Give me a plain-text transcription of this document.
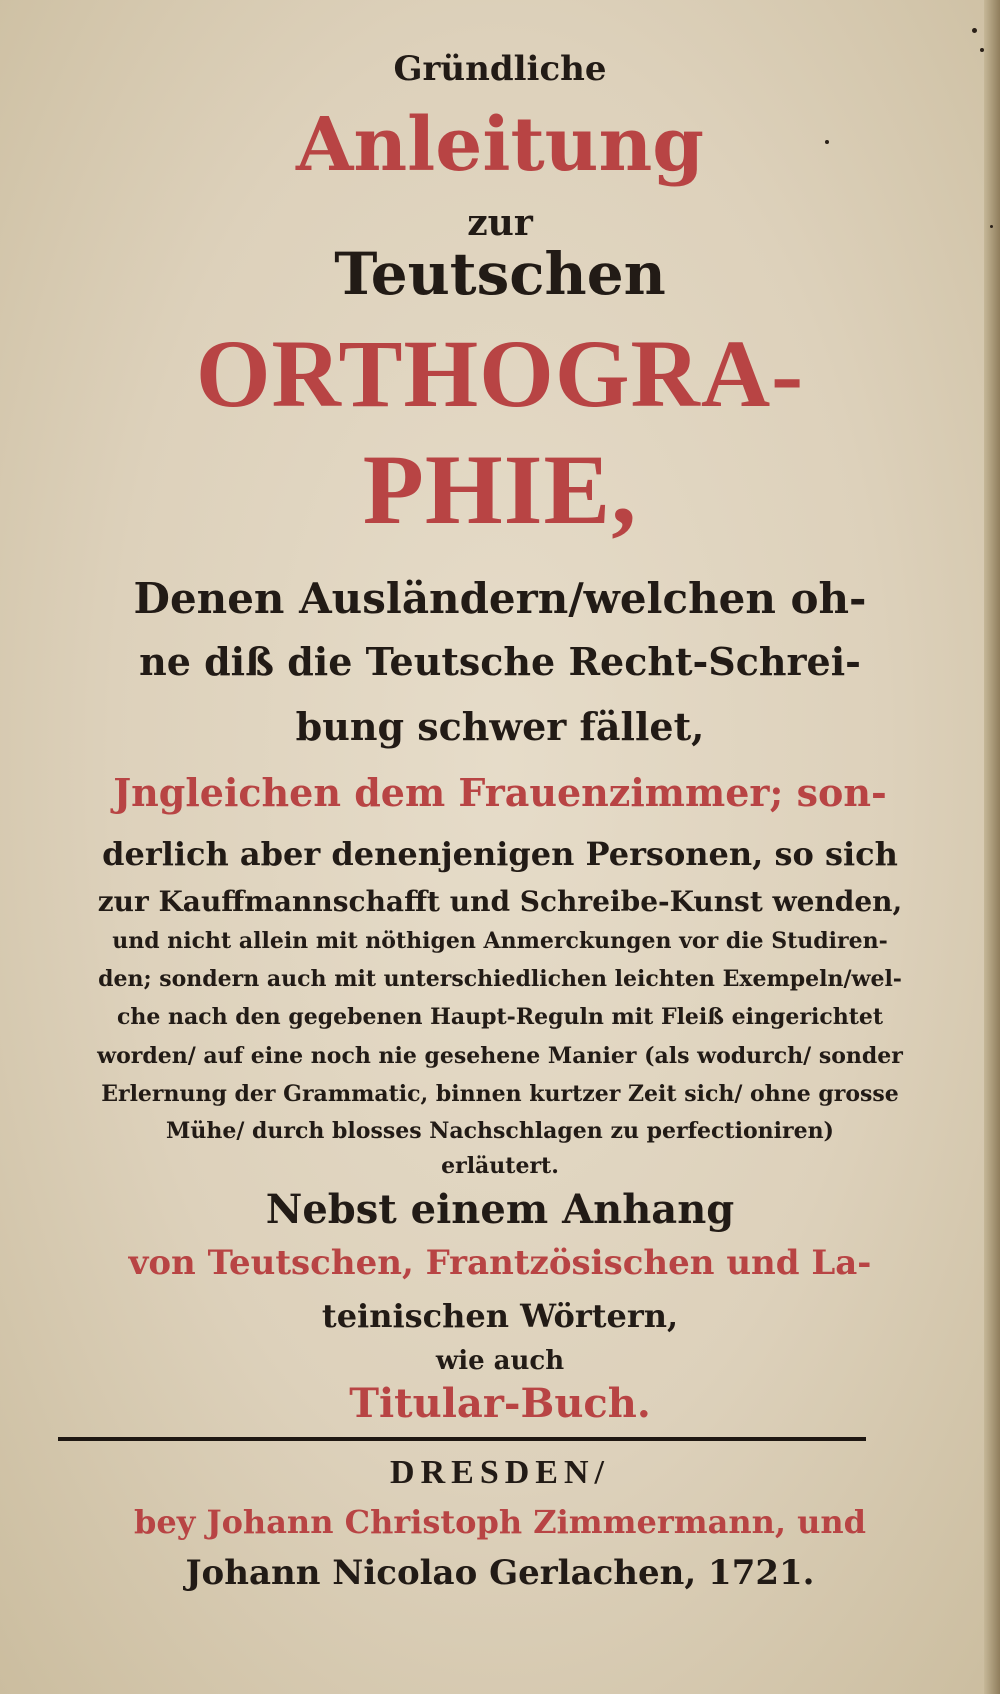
Gründliche
Anleitung
zur
Teutschen
ORTHOGRA-
PHIE,
Denen Ausländern/welchen oh-
ne diß die Teutsche Recht-Schrei-
bung schwer fället,
Jngleichen dem Frauenzimmer; son-
derlich aber denenjenigen Personen, so sich
zur Kauffmannschafft und Schreibe-Kunst wenden,
und nicht allein mit nöthigen Anmerckungen vor die Studiren-
den; sondern auch mit unterschiedlichen leichten Exempeln/wel-
che nach den gegebenen Haupt-Reguln mit Fleiß eingerichtet
worden/ auf eine noch nie gesehene Manier (als wodurch/ sonder
Erlernung der Grammatic, binnen kurtzer Zeit sich/ ohne grosse
Mühe/ durch blosses Nachschlagen zu perfectioniren)
erläutert.
Nebst einem Anhang
von Teutschen, Frantzösischen und La-
teinischen Wörtern,
wie auch
Titular-Buch.
DRESDEN/
bey Johann Christoph Zimmermann, und
Johann Nicolao Gerlachen, 1721.
